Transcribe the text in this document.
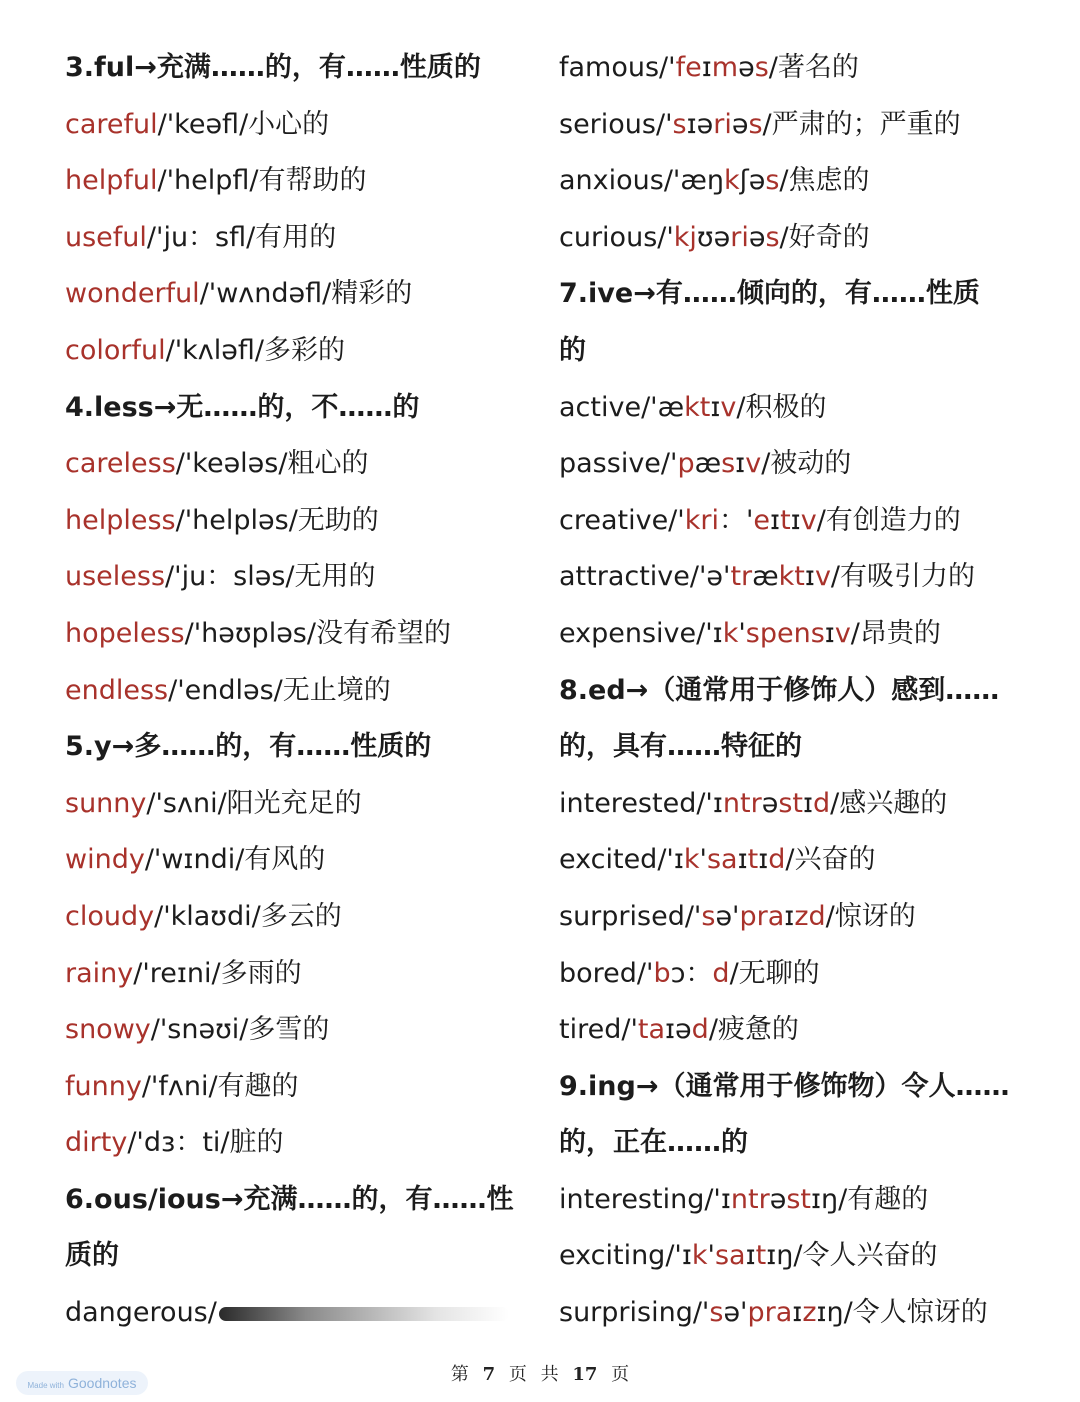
3.ful→充满……的，有……性质的
careful/'keəfl/小心的
helpful/'helpfl/有帮助的
useful/'ju：sfl/有用的
wonderful/'wʌndəfl/精彩的
colorful/'kʌləfl/多彩的
4.less→无……的，不……的
careless/'keələs/粗心的
helpless/'helpləs/无助的
useless/'ju：sləs/无用的
hopeless/'həʊpləs/没有希望的
endless/'endləs/无止境的
5.y→多……的，有……性质的
sunny/'sʌni/阳光充足的
windy/'wɪndi/有风的
cloudy/'klaʊdi/多云的
rainy/'reɪni/多雨的
snowy/'snəʊi/多雪的
funny/'fʌni/有趣的
dirty/'dɜ：ti/脏的
6.ous/ious→充满……的，有……性
质的
dangerous/
famous/'feɪməs/著名的
serious/'sɪəriəs/严肃的；严重的
anxious/'æŋkʃəs/焦虑的
curious/'kjʊəriəs/好奇的
7.ive→有……倾向的，有……性质
的
active/'æktɪv/积极的
passive/'pæsɪv/被动的
creative/'kri：'eɪtɪv/有创造力的
attractive/'ə'træktɪv/有吸引力的
expensive/'ɪk'spensɪv/昂贵的
8.ed→（通常用于修饰人）感到……
的，具有……特征的
interested/'ɪntrəstɪd/感兴趣的
excited/'ɪk'saɪtɪd/兴奋的
surprised/'sə'praɪzd/惊讶的
bored/'bɔ：d/无聊的
tired/'taɪəd/疲惫的
9.ing→（通常用于修饰物）令人……
的，正在……的
interesting/'ɪntrəstɪŋ/有趣的
exciting/'ɪk'saɪtɪŋ/令人兴奋的
surprising/'sə'praɪzɪŋ/令人惊讶的
第 7 页 共 17 页
Made with Goodnotes
